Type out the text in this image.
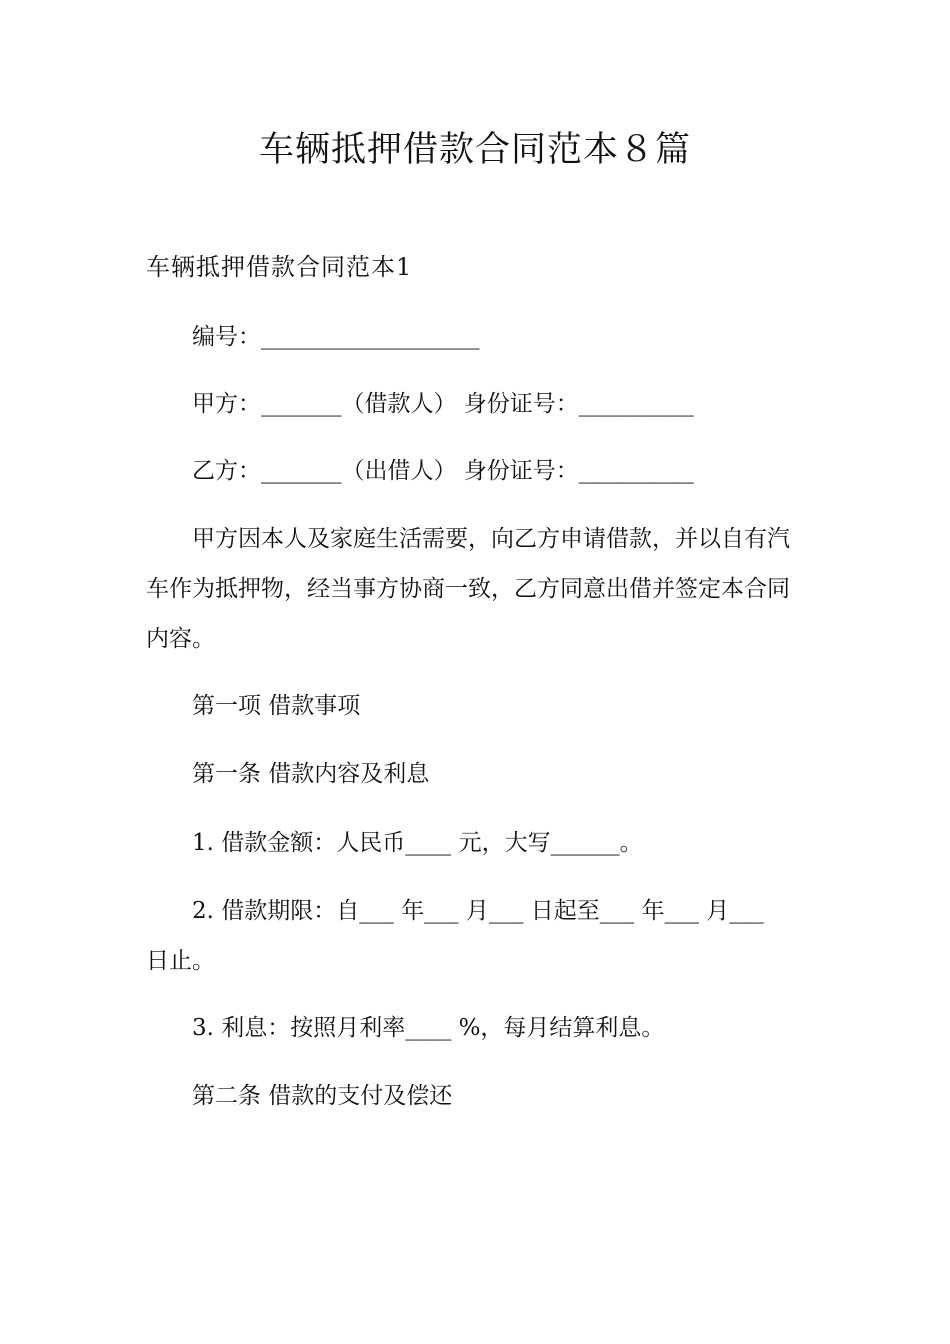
车辆抵押借款合同范本８篇
车辆抵押借款合同范本1
编号：___________________
甲方：_______（借款人） 身份证号：__________
乙方：_______（出借人） 身份证号：__________
甲方因本人及家庭生活需要，向乙方申请借款，并以自有汽
车作为抵押物，经当事方协商一致，乙方同意出借并签定本合同
内容。
第一项 借款事项
第一条 借款内容及利息
1. 借款金额：人民币____ 元，大写______。
2. 借款期限：自___ 年___ 月___ 日起至___ 年___ 月___
日止。
3. 利息：按照月利率____ %，每月结算利息。
第二条 借款的支付及偿还
